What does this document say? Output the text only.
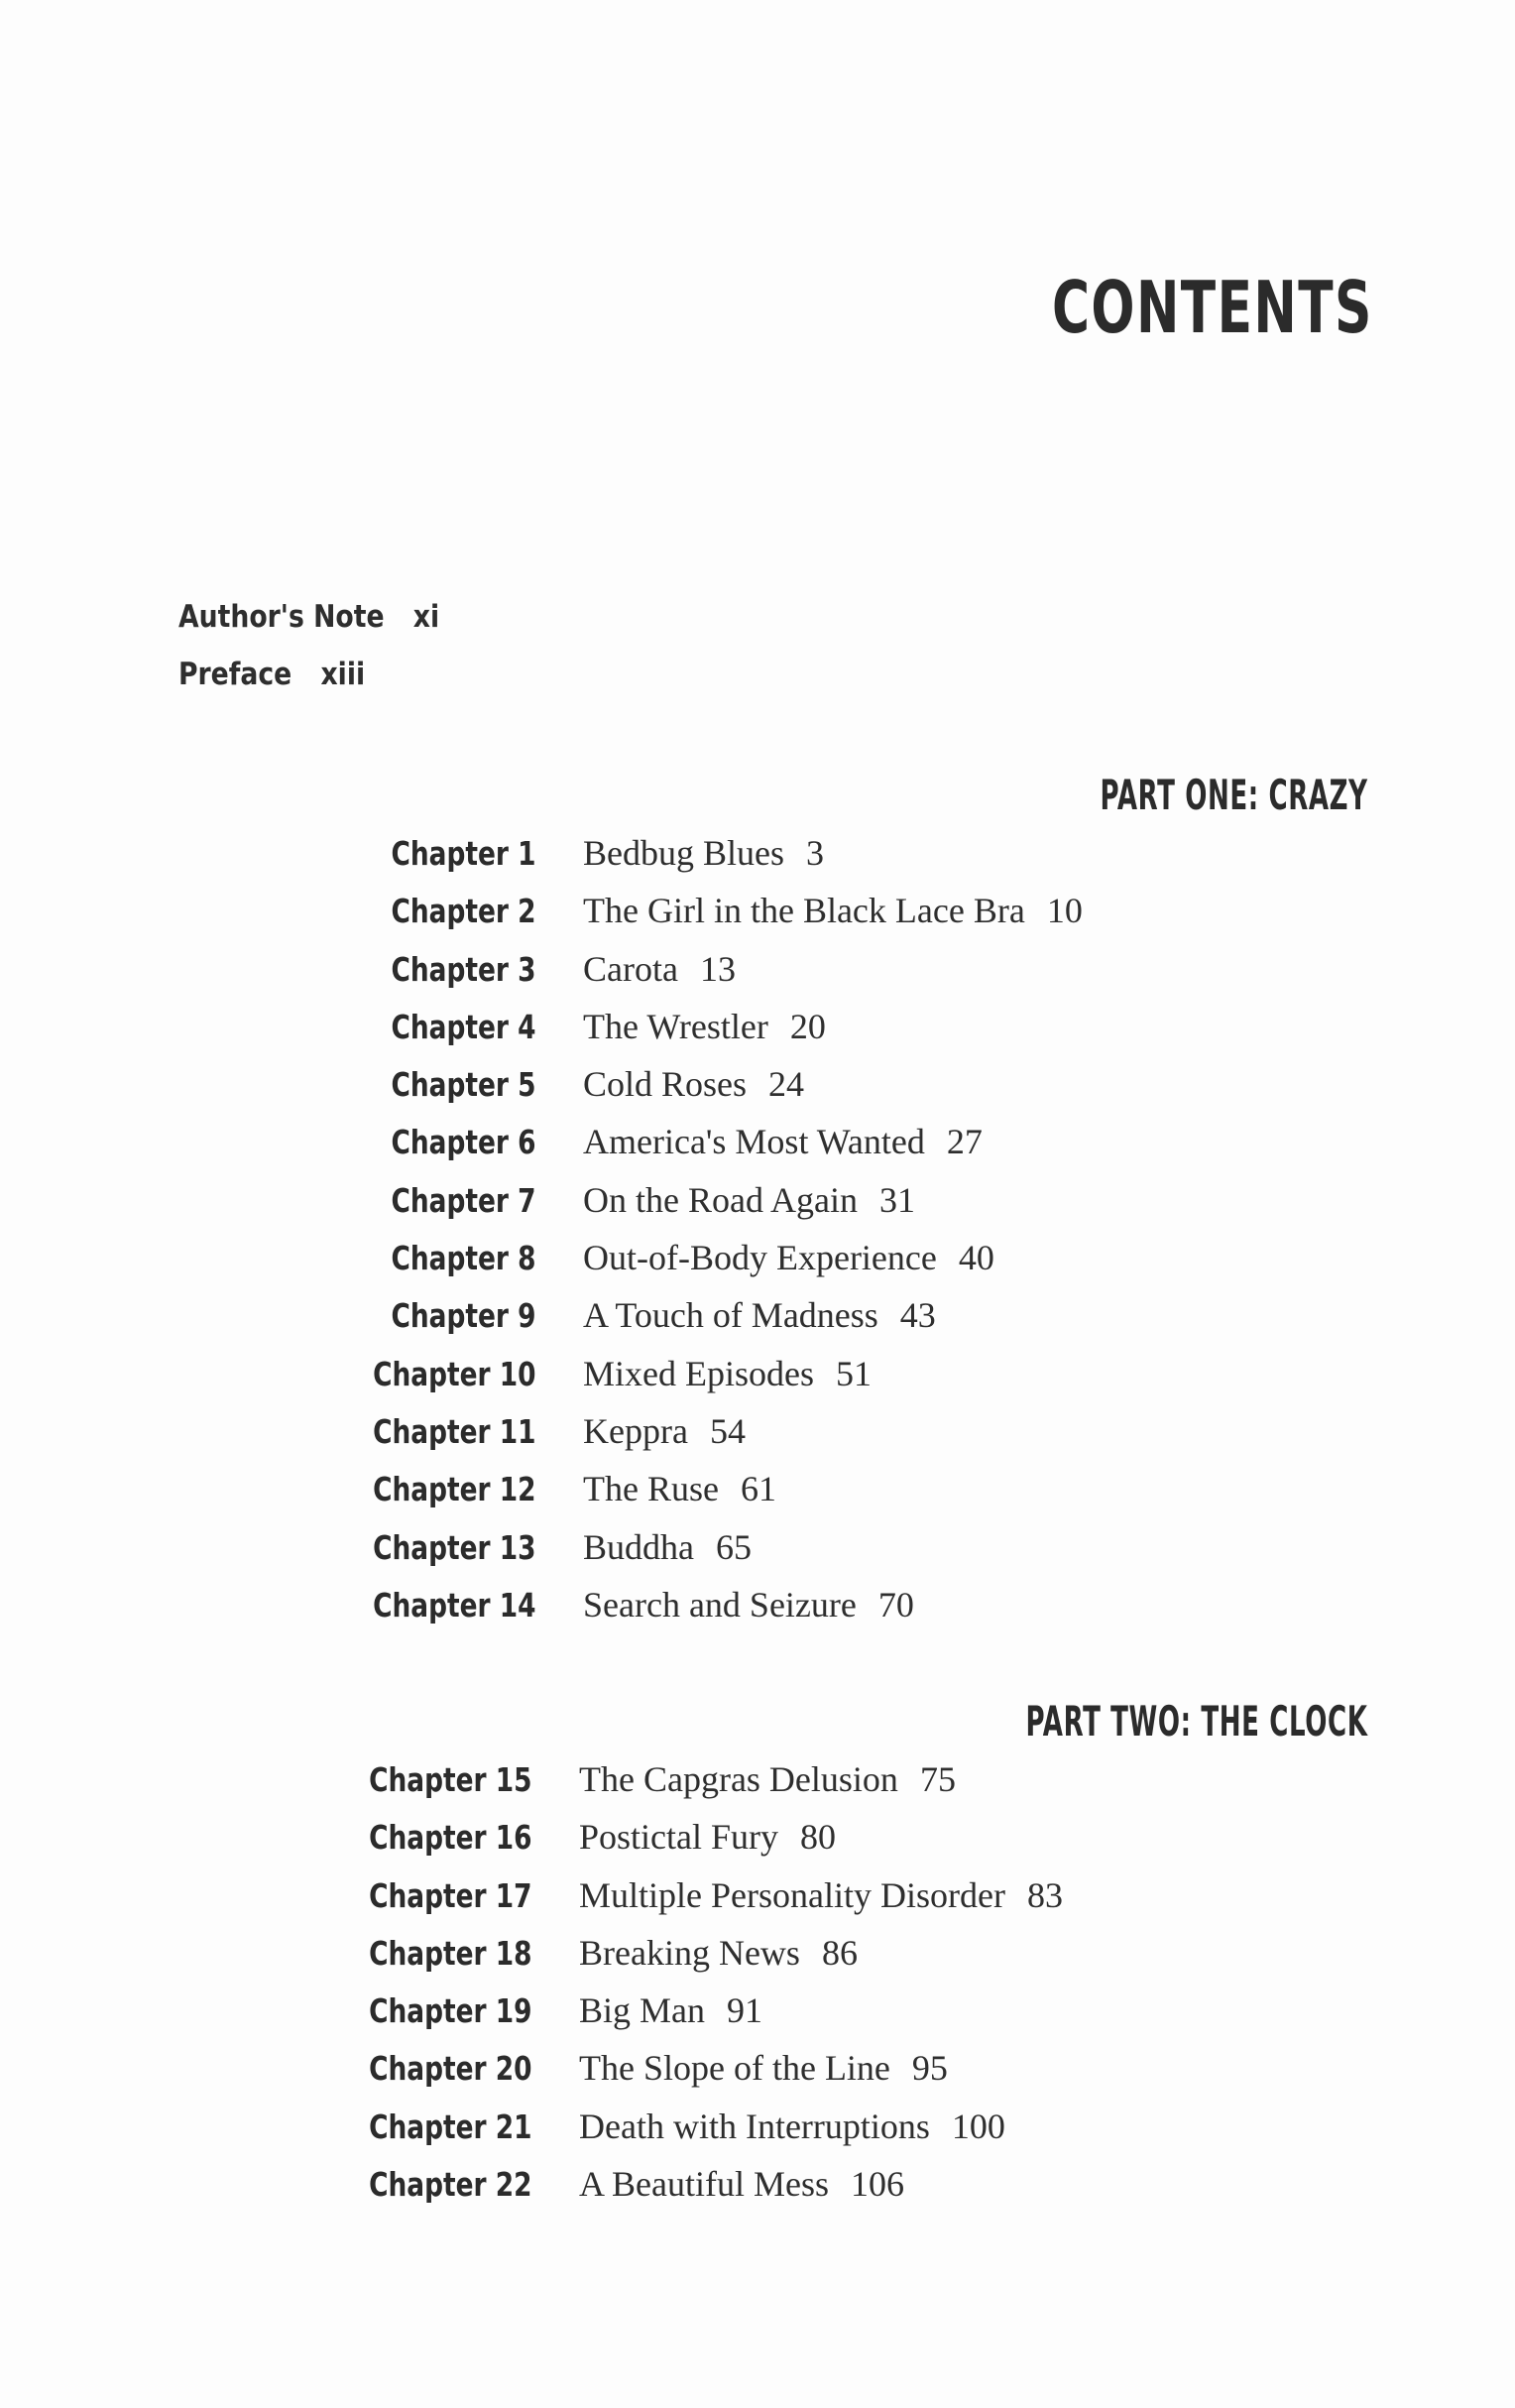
CONTENTS
Author's Note xi
Preface xiii
PART ONE: CRAZY
Chapter 1 Bedbug Blues 3
Chapter 2 The Girl in the Black Lace Bra 10
Chapter 3 Carota 13
Chapter 4 The Wrestler 20
Chapter 5 Cold Roses 24
Chapter 6 America's Most Wanted 27
Chapter 7 On the Road Again 31
Chapter 8 Out-of-Body Experience 40
Chapter 9 A Touch of Madness 43
Chapter 10 Mixed Episodes 51
Chapter 11 Keppra 54
Chapter 12 The Ruse 61
Chapter 13 Buddha 65
Chapter 14 Search and Seizure 70
PART TWO: THE CLOCK
Chapter 15 The Capgras Delusion 75
Chapter 16 Postictal Fury 80
Chapter 17 Multiple Personality Disorder 83
Chapter 18 Breaking News 86
Chapter 19 Big Man 91
Chapter 20 The Slope of the Line 95
Chapter 21 Death with Interruptions 100
Chapter 22 A Beautiful Mess 106
